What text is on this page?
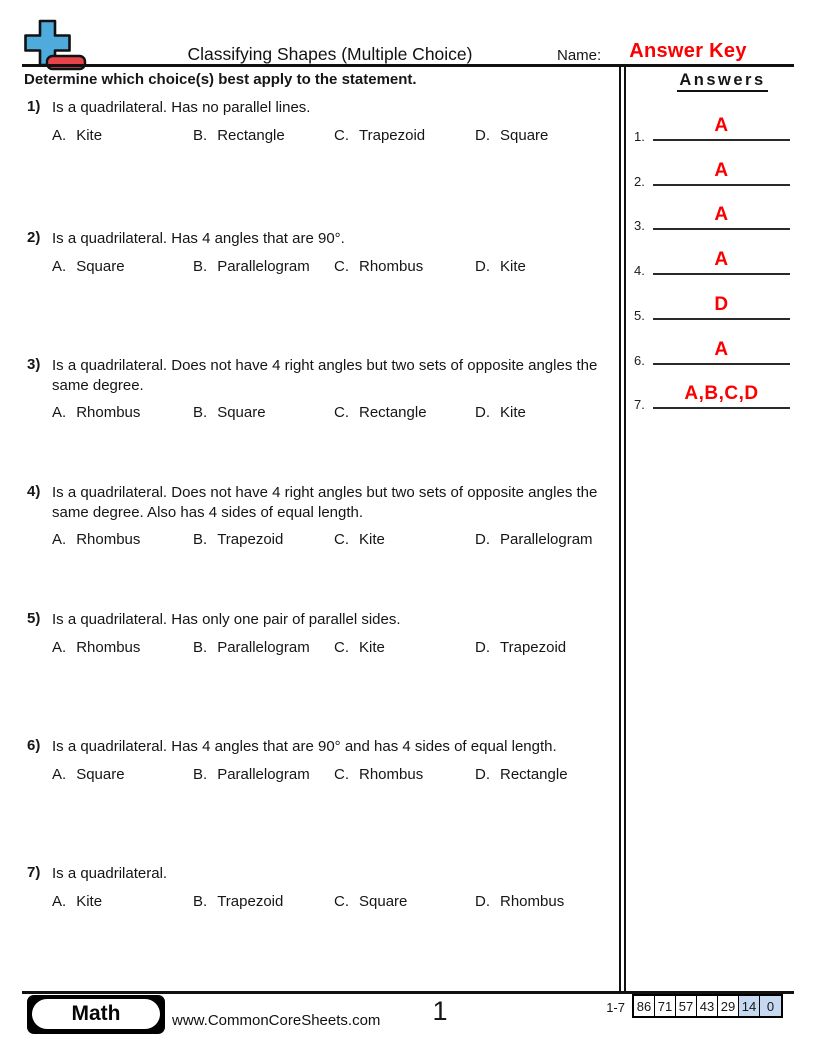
Classifying Shapes (Multiple Choice)	Name:	Answer Key
Determine which choice(s) best apply to the statement.	Answers
1.
A
2.
A
3.
A
4.
A
5.
D
6.
A
7.
A,B,C,D
1) Is a quadrilateral. Has no parallel lines.
A. Kite	B. Rectangle	C. Trapezoid	D. Square
2) Is a quadrilateral. Has 4 angles that are 90°.
A. Square	B. Parallelogram	C. Rhombus	D. Kite
3) Is a quadrilateral. Does not have 4 right angles but two sets of opposite angles the same degree.
A. Rhombus	B. Square	C. Rectangle	D. Kite
4) Is a quadrilateral. Does not have 4 right angles but two sets of opposite angles the same degree. Also has 4 sides of equal length.
A. Rhombus	B. Trapezoid	C. Kite	D. Parallelogram
5) Is a quadrilateral. Has only one pair of parallel sides.
A. Rhombus	B. Parallelogram	C. Kite	D. Trapezoid
6) Is a quadrilateral. Has 4 angles that are 90° and has 4 sides of equal length.
A. Square	B. Parallelogram	C. Rhombus	D. Rectangle
7) Is a quadrilateral.
A. Kite	B. Trapezoid	C. Square	D. Rhombus
Math	www.CommonCoreSheets.com	1	1-7 86 71 57 43 29 14 0
